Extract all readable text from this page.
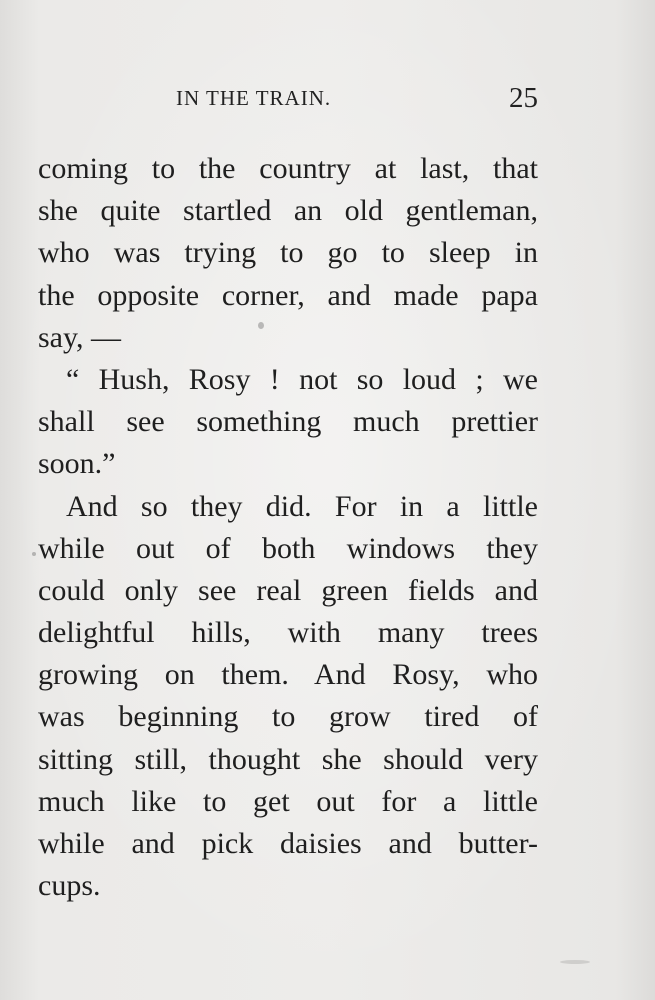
IN THE TRAIN.	25
coming to the country at last, that
she quite startled an old gentleman,
who was trying to go to sleep in
the opposite corner, and made papa
say, —
“ Hush, Rosy ! not so loud ; we
shall see something much prettier
soon.”
And so they did. For in a little
while out of both windows they
could only see real green fields and
delightful hills, with many trees
growing on them. And Rosy, who
was beginning to grow tired of
sitting still, thought she should very
much like to get out for a little
while and pick daisies and butter-
cups.
